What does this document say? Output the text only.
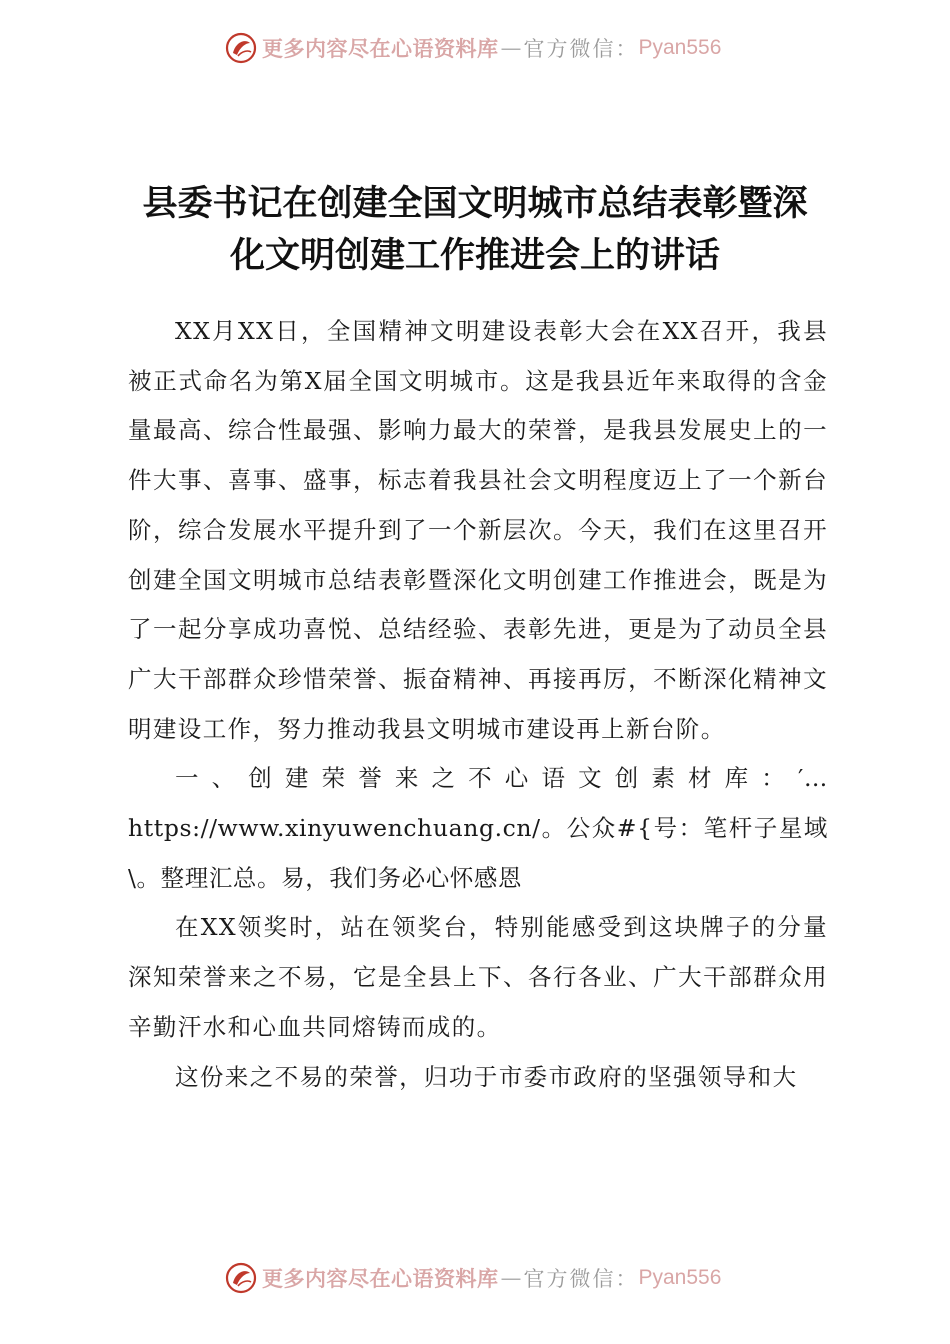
更多内容尽在心语资料库 — 官方微信： Pyan556
县委书记在创建全国文明城市总结表彰暨深
化文明创建工作推进会上的讲话

XX月XX日，全国精神文明建设表彰大会在XX召开，我县被正式命名为第X届全国文明城市。这是我县近年来取得的含金量最高、综合性最强、影响力最大的荣誉，是我县发展史上的一件大事、喜事、盛事，标志着我县社会文明程度迈上了一个新台阶，综合发展水平提升到了一个新层次。今天，我们在这里召开创建全国文明城市总结表彰暨深化文明创建工作推进会，既是为了一起分享成功喜悦、总结经验、表彰先进，更是为了动员全县广大干部群众珍惜荣誉、振奋精神、再接再厉，不断深化精神文明建设工作，努力推动我县文明城市建设再上新台阶。

一、创建荣誉来之不心语文创素材库：′…https://www.xinyuwenchuang.cn/。公众#{号：笔杆子星域\。整理汇总。易，我们务必心怀感恩

在XX领奖时，站在领奖台，特别能感受到这块牌子的分量深知荣誉来之不易，它是全县上下、各行各业、广大干部群众用辛勤汗水和心血共同熔铸而成的。

这份来之不易的荣誉，归功于市委市政府的坚强领导和大

更多内容尽在心语资料库 — 官方微信： Pyan556
